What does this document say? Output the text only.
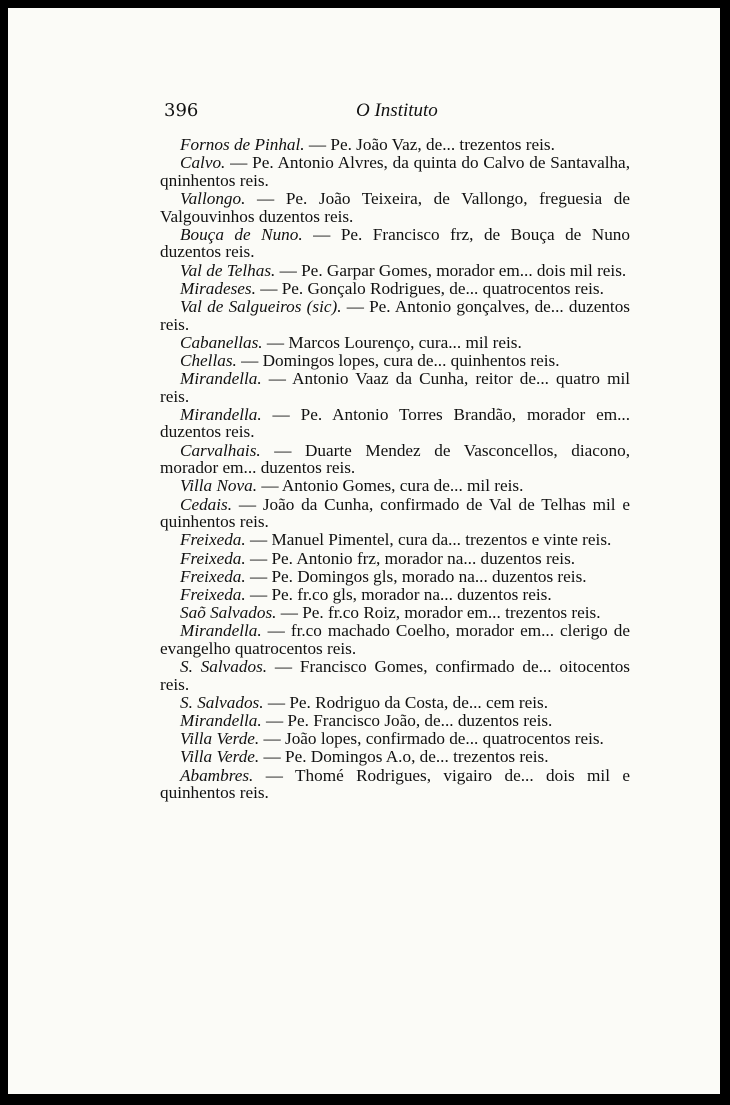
396	O Instituto

Fornos de Pinhal. — Pe. João Vaz, de... trezentos reis.

Calvo. — Pe. Antonio Alvres, da quinta do Calvo de Santavalha, qninhentos reis.

Vallongo. — Pe. João Teixeira, de Vallongo, freguesia de Valgouvinhos duzentos reis.

Bouça de Nuno. — Pe. Francisco frz, de Bouça de Nuno duzentos reis.

Val de Telhas. — Pe. Garpar Gomes, morador em... dois mil reis.

Miradeses. — Pe. Gonçalo Rodrigues, de... quatrocentos reis.

Val de Salgueiros (sic). — Pe. Antonio gonçalves, de... duzentos reis.

Cabanellas. — Marcos Lourenço, cura... mil reis.

Chellas. — Domingos lopes, cura de... quinhentos reis.

Mirandella. — Antonio Vaaz da Cunha, reitor de... quatro mil reis.

Mirandella. — Pe. Antonio Torres Brandão, morador em... duzentos reis.

Carvalhais. — Duarte Mendez de Vasconcellos, diacono, morador em... duzentos reis.

Villa Nova. — Antonio Gomes, cura de... mil reis.

Cedais. — João da Cunha, confirmado de Val de Telhas mil e quinhentos reis.

Freixeda. — Manuel Pimentel, cura da... trezentos e vinte reis.

Freixeda. — Pe. Antonio frz, morador na... duzentos reis.

Freixeda. — Pe. Domingos gls, morado na... duzentos reis.

Freixeda. — Pe. fr.co gls, morador na... duzentos reis.

Saõ Salvados. — Pe. fr.co Roiz, morador em... trezentos reis.

Mirandella. — fr.co machado Coelho, morador em... clerigo de evangelho quatrocentos reis.

S. Salvados. — Francisco Gomes, confirmado de... oitocentos reis.

S. Salvados. — Pe. Rodriguo da Costa, de... cem reis.

Mirandella. — Pe. Francisco João, de... duzentos reis.

Villa Verde. — João lopes, confirmado de... quatrocentos reis.

Villa Verde. — Pe. Domingos A.o, de... trezentos reis.

Abambres. — Thomé Rodrigues, vigairo de... dois mil e quinhentos reis.
